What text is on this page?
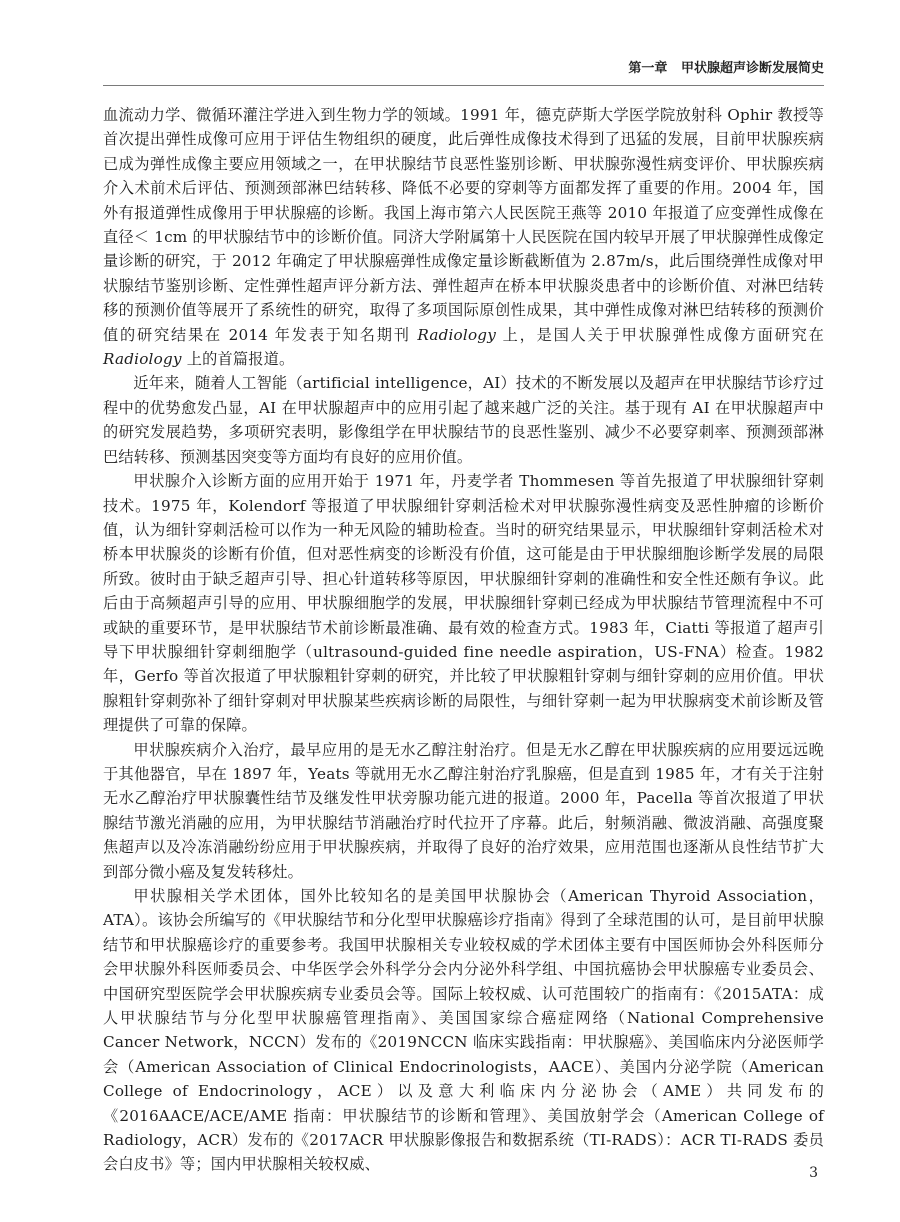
第一章 甲状腺超声诊断发展简史

血流动力学、微循环灌注学进入到生物力学的领域。1991 年，德克萨斯大学医学院放射科 Ophir 教授等首次提出弹性成像可应用于评估生物组织的硬度，此后弹性成像技术得到了迅猛的发展，目前甲状腺疾病已成为弹性成像主要应用领域之一，在甲状腺结节良恶性鉴别诊断、甲状腺弥漫性病变评价、甲状腺疾病介入术前术后评估、预测颈部淋巴结转移、降低不必要的穿刺等方面都发挥了重要的作用。2004 年，国外有报道弹性成像用于甲状腺癌的诊断。我国上海市第六人民医院王燕等 2010 年报道了应变弹性成像在直径＜ 1cm 的甲状腺结节中的诊断价值。同济大学附属第十人民医院在国内较早开展了甲状腺弹性成像定量诊断的研究，于 2012 年确定了甲状腺癌弹性成像定量诊断截断值为 2.87m/s，此后围绕弹性成像对甲状腺结节鉴别诊断、定性弹性超声评分新方法、弹性超声在桥本甲状腺炎患者中的诊断价值、对淋巴结转移的预测价值等展开了系统性的研究，取得了多项国际原创性成果，其中弹性成像对淋巴结转移的预测价值的研究结果在 2014 年发表于知名期刊 Radiology 上，是国人关于甲状腺弹性成像方面研究在 Radiology 上的首篇报道。

近年来，随着人工智能（artificial intelligence，AI）技术的不断发展以及超声在甲状腺结节诊疗过程中的优势愈发凸显，AI 在甲状腺超声中的应用引起了越来越广泛的关注。基于现有 AI 在甲状腺超声中的研究发展趋势，多项研究表明，影像组学在甲状腺结节的良恶性鉴别、减少不必要穿刺率、预测颈部淋巴结转移、预测基因突变等方面均有良好的应用价值。

甲状腺介入诊断方面的应用开始于 1971 年，丹麦学者 Thommesen 等首先报道了甲状腺细针穿刺技术。1975 年，Kolendorf 等报道了甲状腺细针穿刺活检术对甲状腺弥漫性病变及恶性肿瘤的诊断价值，认为细针穿刺活检可以作为一种无风险的辅助检查。当时的研究结果显示，甲状腺细针穿刺活检术对桥本甲状腺炎的诊断有价值，但对恶性病变的诊断没有价值，这可能是由于甲状腺细胞诊断学发展的局限所致。彼时由于缺乏超声引导、担心针道转移等原因，甲状腺细针穿刺的准确性和安全性还颇有争议。此后由于高频超声引导的应用、甲状腺细胞学的发展，甲状腺细针穿刺已经成为甲状腺结节管理流程中不可或缺的重要环节，是甲状腺结节术前诊断最准确、最有效的检查方式。1983 年，Ciatti 等报道了超声引导下甲状腺细针穿刺细胞学（ultrasound-guided fine needle aspiration，US-FNA）检查。1982 年，Gerfo 等首次报道了甲状腺粗针穿刺的研究，并比较了甲状腺粗针穿刺与细针穿刺的应用价值。甲状腺粗针穿刺弥补了细针穿刺对甲状腺某些疾病诊断的局限性，与细针穿刺一起为甲状腺病变术前诊断及管理提供了可靠的保障。

甲状腺疾病介入治疗，最早应用的是无水乙醇注射治疗。但是无水乙醇在甲状腺疾病的应用要远远晚于其他器官，早在 1897 年，Yeats 等就用无水乙醇注射治疗乳腺癌，但是直到 1985 年，才有关于注射无水乙醇治疗甲状腺囊性结节及继发性甲状旁腺功能亢进的报道。2000 年，Pacella 等首次报道了甲状腺结节激光消融的应用，为甲状腺结节消融治疗时代拉开了序幕。此后，射频消融、微波消融、高强度聚焦超声以及冷冻消融纷纷应用于甲状腺疾病，并取得了良好的治疗效果，应用范围也逐渐从良性结节扩大到部分微小癌及复发转移灶。

甲状腺相关学术团体，国外比较知名的是美国甲状腺协会（American Thyroid Association，ATA）。该协会所编写的《甲状腺结节和分化型甲状腺癌诊疗指南》得到了全球范围的认可，是目前甲状腺结节和甲状腺癌诊疗的重要参考。我国甲状腺相关专业较权威的学术团体主要有中国医师协会外科医师分会甲状腺外科医师委员会、中华医学会外科学分会内分泌外科学组、中国抗癌协会甲状腺癌专业委员会、中国研究型医院学会甲状腺疾病专业委员会等。国际上较权威、认可范围较广的指南有：《2015ATA：成人甲状腺结节与分化型甲状腺癌管理指南》、美国国家综合癌症网络（National Comprehensive Cancer Network，NCCN）发布的《2019NCCN 临床实践指南：甲状腺癌》、美国临床内分泌医师学会（American Association of Clinical Endocrinologists，AACE）、美国内分泌学院（American College of Endocrinology，ACE）以及意大利临床内分泌协会（AME）共同发布的《2016AACE/ACE/AME 指南：甲状腺结节的诊断和管理》、美国放射学会（American College of Radiology，ACR）发布的《2017ACR 甲状腺影像报告和数据系统（TI-RADS）：ACR TI-RADS 委员会白皮书》等；国内甲状腺相关较权威、	3
